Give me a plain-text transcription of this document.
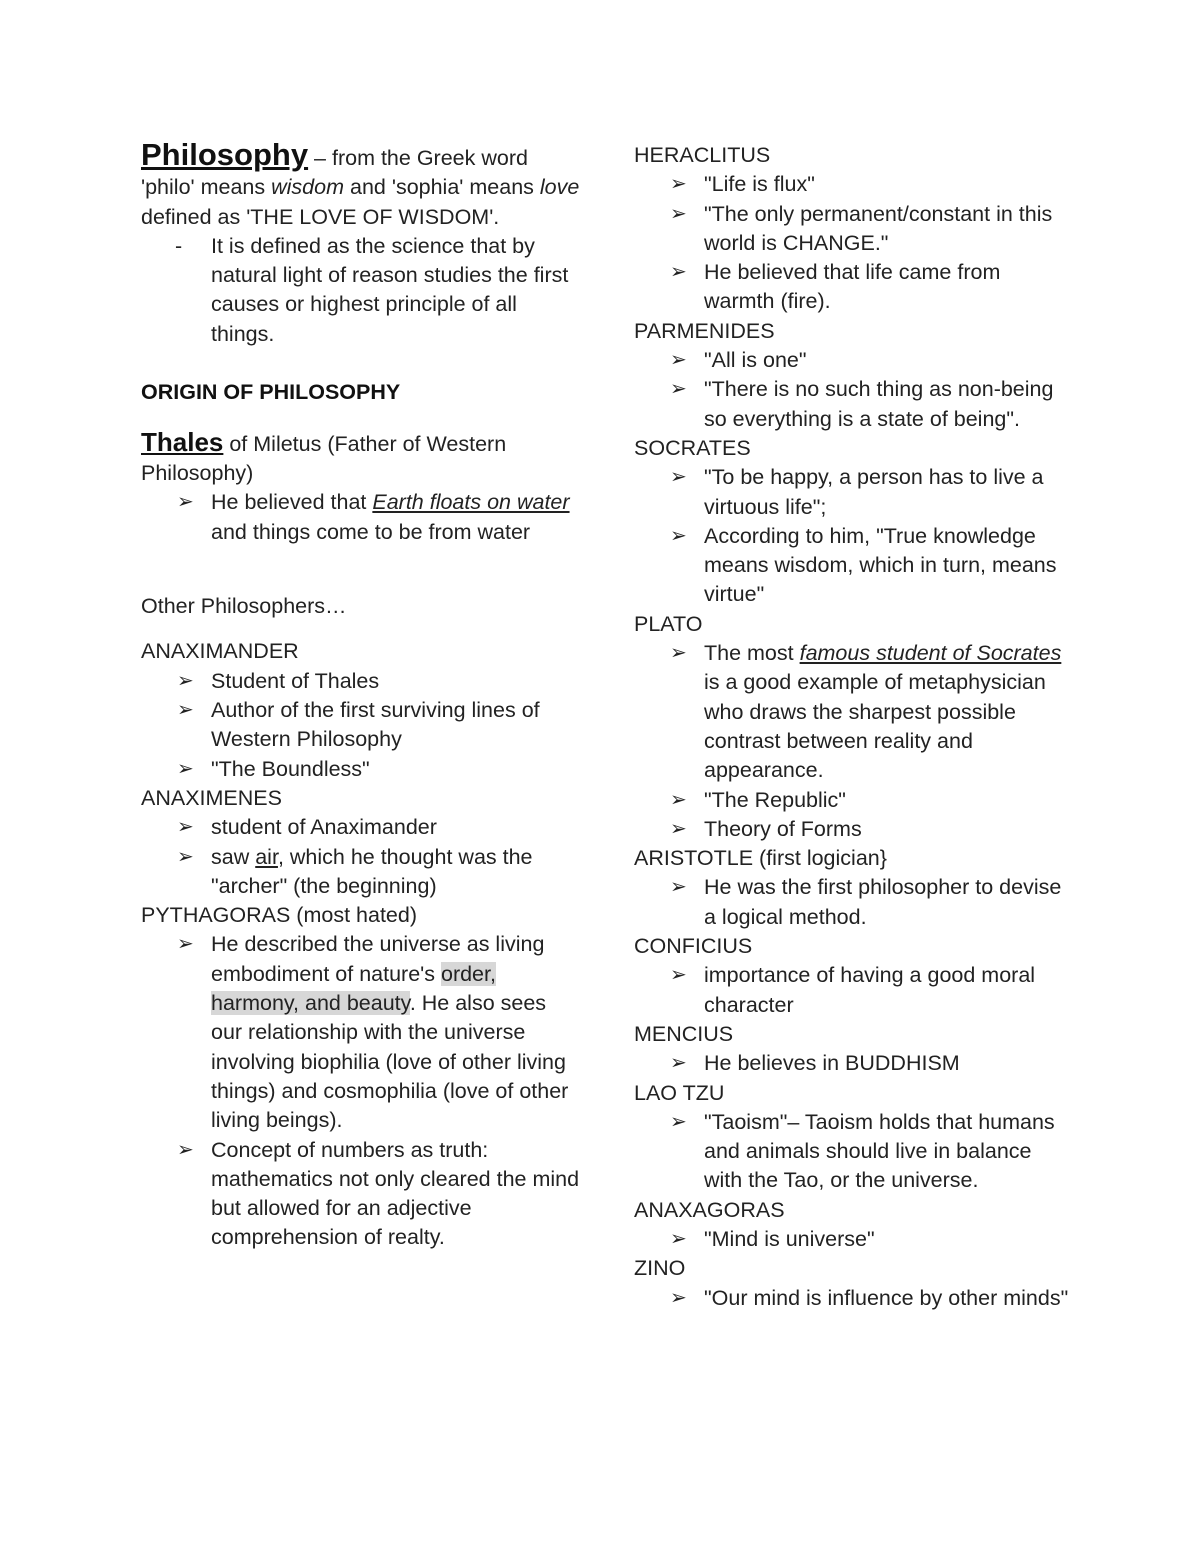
Philosophy – from the Greek word 'philo' means wisdom and 'sophia' means love defined as 'THE LOVE OF WISDOM'.

- It is defined as the science that by natural light of reason studies the first causes or highest principle of all things.

ORIGIN OF PHILOSOPHY

Thales of Miletus (Father of Western Philosophy)

➢ He believed that Earth floats on water and things come to be from water

Other Philosophers…

ANAXIMANDER

➢ Student of Thales
➢ Author of the first surviving lines of Western Philosophy
➢ "The Boundless"

ANAXIMENES

➢ student of Anaximander
➢ saw air, which he thought was the "archer" (the beginning)

PYTHAGORAS (most hated)

➢ He described the universe as living embodiment of nature's order, harmony, and beauty. He also sees our relationship with the universe involving biophilia (love of other living things) and cosmophilia (love of other living beings).
➢ Concept of numbers as truth: mathematics not only cleared the mind but allowed for an adjective comprehension of realty.

HERACLITUS

➢ "Life is flux"
➢ "The only permanent/constant in this world is CHANGE."
➢ He believed that life came from warmth (fire).

PARMENIDES

➢ "All is one"
➢ "There is no such thing as non-being so everything is a state of being".

SOCRATES

➢ "To be happy, a person has to live a virtuous life";
➢ According to him, "True knowledge means wisdom, which in turn, means virtue"

PLATO

➢ The most famous student of Socrates is a good example of metaphysician who draws the sharpest possible contrast between reality and appearance.
➢ "The Republic"
➢ Theory of Forms

ARISTOTLE (first logician}

➢ He was the first philosopher to devise a logical method.

CONFICIUS

➢ importance of having a good moral character

MENCIUS

➢ He believes in BUDDHISM

LAO TZU

➢ "Taoism"– Taoism holds that humans and animals should live in balance with the Tao, or the universe.

ANAXAGORAS

➢ "Mind is universe"

ZINO

➢ "Our mind is influence by other minds"
